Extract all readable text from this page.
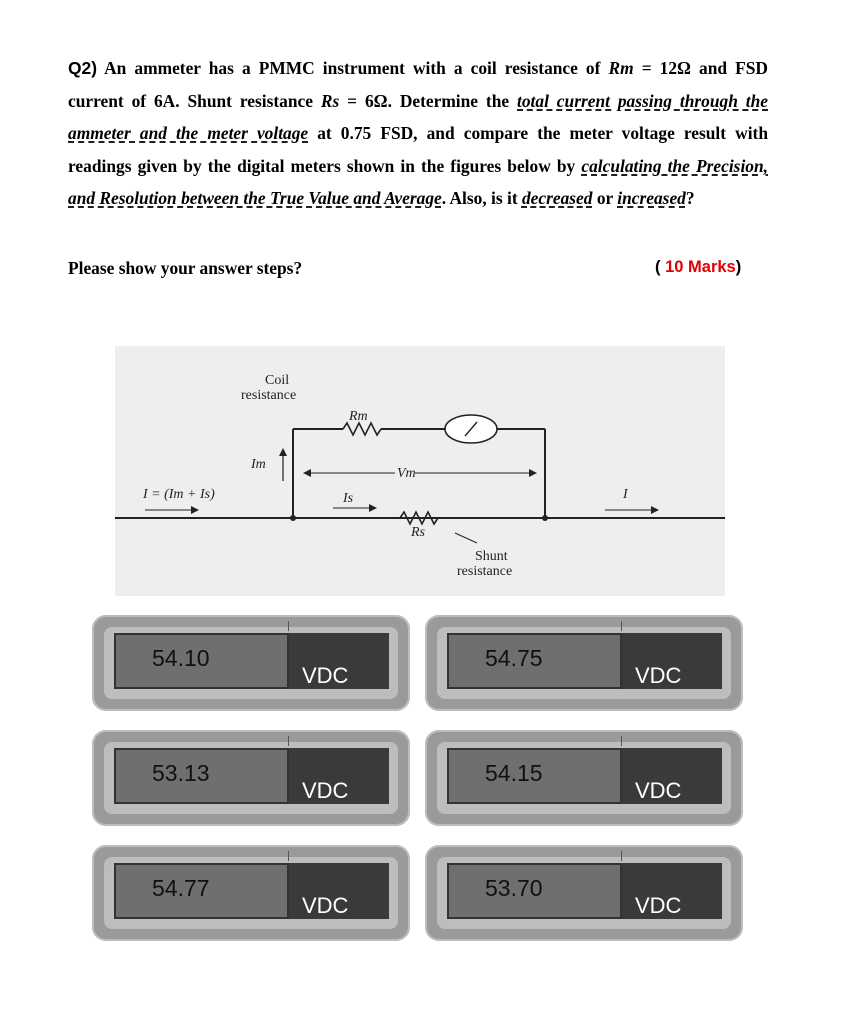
Q2) An ammeter has a PMMC instrument with a coil resistance of Rm = 12Ω and FSD current of 6A. Shunt resistance Rs = 6Ω. Determine the total current passing through the ammeter and the meter voltage at 0.75 FSD, and compare the meter voltage result with readings given by the digital meters shown in the figures below by calculating the Precision, and Resolution between the True Value and Average. Also, is it decreased or increased?
Please show your answer steps?	( 10 Marks)
Coil
resistance
Rm
Im
Vm
Is
Rs
I = (Im + Is)	I
Shunt
resistance
54.10
VDC
54.75
VDC
53.13
VDC
54.15
VDC
54.77
VDC
53.70
VDC
